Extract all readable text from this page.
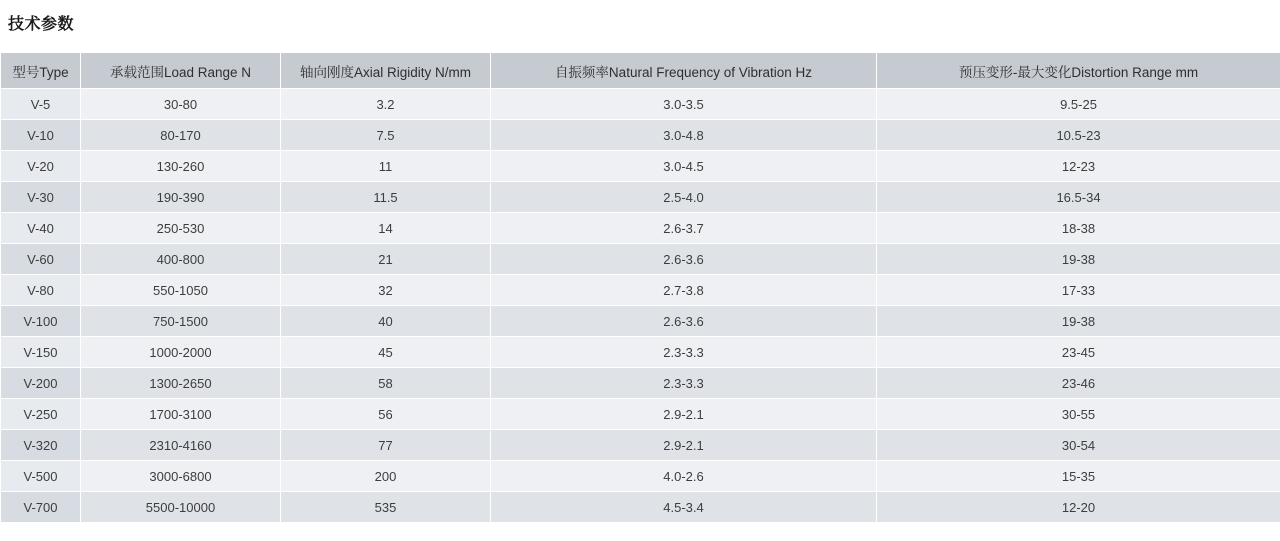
技术参数
型号Type	承载范围Load Range N	轴向刚度Axial Rigidity N/mm	自振频率Natural Frequency of Vibration Hz	预压变形-最大变化Distortion Range mm
V-5	30-80	3.2	3.0-3.5	9.5-25
V-10	80-170	7.5	3.0-4.8	10.5-23
V-20	130-260	11	3.0-4.5	12-23
V-30	190-390	11.5	2.5-4.0	16.5-34
V-40	250-530	14	2.6-3.7	18-38
V-60	400-800	21	2.6-3.6	19-38
V-80	550-1050	32	2.7-3.8	17-33
V-100	750-1500	40	2.6-3.6	19-38
V-150	1000-2000	45	2.3-3.3	23-45
V-200	1300-2650	58	2.3-3.3	23-46
V-250	1700-3100	56	2.9-2.1	30-55
V-320	2310-4160	77	2.9-2.1	30-54
V-500	3000-6800	200	4.0-2.6	15-35
V-700	5500-10000	535	4.5-3.4	12-20
